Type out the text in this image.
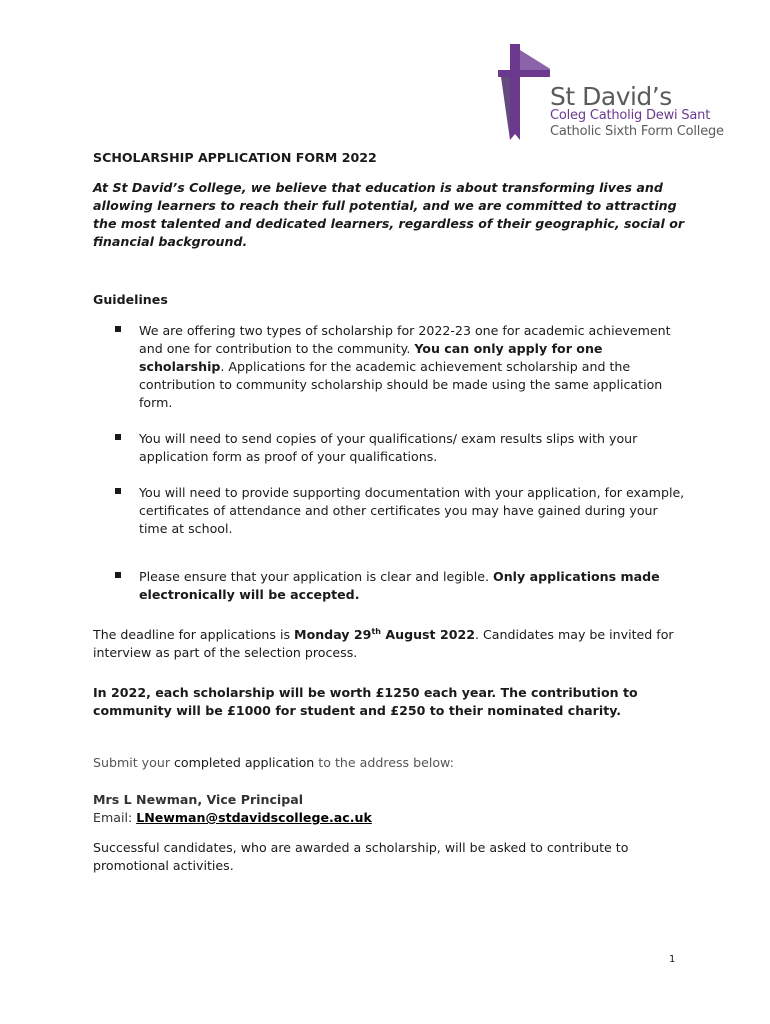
St David’s
Coleg Catholig Dewi Sant
Catholic Sixth Form College

SCHOLARSHIP APPLICATION FORM 2022

At St David’s College, we believe that education is about transforming lives and allowing learners to reach their full potential, and we are committed to attracting the most talented and dedicated learners, regardless of their geographic, social or financial background.

Guidelines

We are offering two types of scholarship for 2022-23 one for academic achievement and one for contribution to the community. You can only apply for one scholarship. Applications for the academic achievement scholarship and the contribution to community scholarship should be made using the same application form.
You will need to send copies of your qualifications/ exam results slips with your application form as proof of your qualifications.
You will need to provide supporting documentation with your application, for example, certificates of attendance and other certificates you may have gained during your time at school.
Please ensure that your application is clear and legible. Only applications made electronically will be accepted.

The deadline for applications is Monday 29th August 2022. Candidates may be invited for interview as part of the selection process.

In 2022, each scholarship will be worth £1250 each year. The contribution to community will be £1000 for student and £250 to their nominated charity.

Submit your completed application to the address below:

Mrs L Newman, Vice Principal

Email: LNewman@stdavidscollege.ac.uk

Successful candidates, who are awarded a scholarship, will be asked to contribute to promotional activities.

1
